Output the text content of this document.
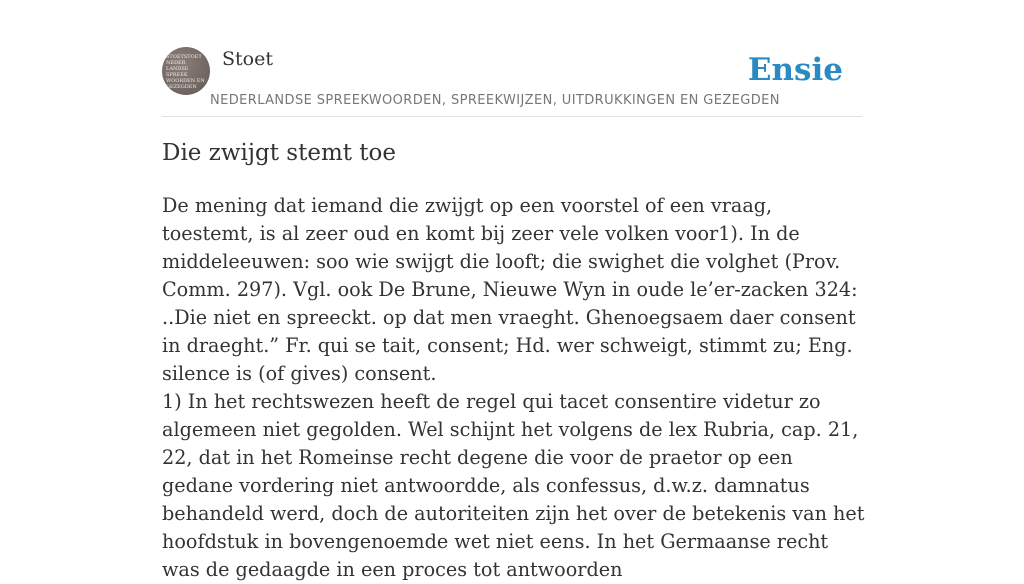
STOETSTOET
NEDER
LANDSE
SPREEK
WOORDEN EN
GEZEGDEN
Stoet
NEDERLANDSE SPREEKWOORDEN, SPREEKWIJZEN, UITDRUKKINGEN EN GEZEGDEN
Ensie
Die zwijgt stemt toe

De mening dat iemand die zwijgt op een voorstel of een vraag, toestemt, is al zeer oud en komt bij zeer vele volken voor1). In de middeleeuwen: soo wie swijgt die looft; die swighet die volghet (Prov. Comm. 297). Vgl. ook De Brune, Nieuwe Wyn in oude le’er-zacken 324: ..Die niet en spreeckt. op dat men vraeght. Ghenoegsaem daer consent in draeght.” Fr. qui se tait, consent; Hd. wer schweigt, stimmt zu; Eng. silence is (of gives) consent.

1) In het rechtswezen heeft de regel qui tacet consentire videtur zo algemeen niet gegolden. Wel schijnt het volgens de lex Rubria, cap. 21, 22, dat in het Romeinse recht degene die voor de praetor op een gedane vordering niet antwoordde, als confessus, d.w.z. damnatus behandeld werd, doch de autoriteiten zijn het over de betekenis van het hoofdstuk in bovengenoemde wet niet eens. In het Germaanse recht was de gedaagde in een proces tot antwoorden
